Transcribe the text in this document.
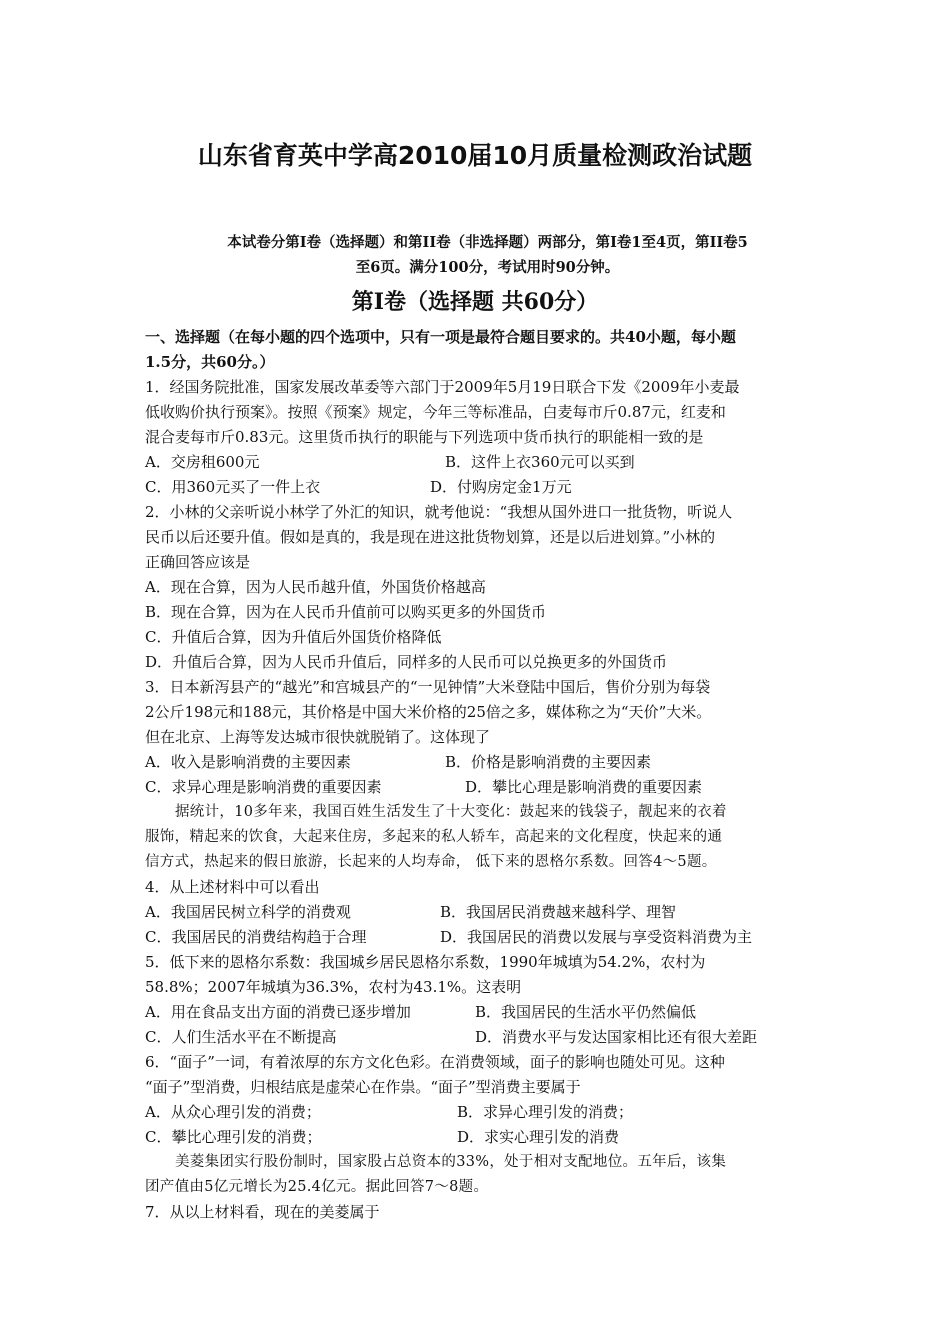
山东省育英中学高2010届10月质量检测政治试题
本试卷分第I卷（选择题）和第II卷（非选择题）两部分，第I卷1至4页，第II卷5
至6页。满分100分，考试用时90分钟。
第I卷（选择题 共60分）
一、选择题（在每小题的四个选项中，只有一项是最符合题目要求的。共40小题，每小题
1.5分，共60分。）
1．经国务院批准，国家发展改革委等六部门于2009年5月19日联合下发《2009年小麦最
低收购价执行预案》。按照《预案》规定，今年三等标准品，白麦每市斤0.87元，红麦和
混合麦每市斤0.83元。这里货币执行的职能与下列选项中货币执行的职能相一致的是
A．交房租600元	B．这件上衣360元可以买到
C．用360元买了一件上衣	D．付购房定金1万元
2．小林的父亲听说小林学了外汇的知识，就考他说：“我想从国外进口一批货物，听说人
民币以后还要升值。假如是真的，我是现在进这批货物划算，还是以后进划算。”小林的
正确回答应该是
A．现在合算，因为人民币越升值，外国货价格越高
B．现在合算，因为在人民币升值前可以购买更多的外国货币
C．升值后合算，因为升值后外国货价格降低
D．升值后合算，因为人民币升值后，同样多的人民币可以兑换更多的外国货币
3．日本新泻县产的“越光”和宫城县产的“一见钟情”大米登陆中国后，售价分别为每袋
2公斤198元和188元，其价格是中国大米价格的25倍之多，媒体称之为“天价”大米。
但在北京、上海等发达城市很快就脱销了。这体现了
A．收入是影响消费的主要因素	B．价格是影响消费的主要因素
C．求异心理是影响消费的重要因素	D．攀比心理是影响消费的重要因素
据统计，10多年来，我国百姓生活发生了十大变化：鼓起来的钱袋子，靓起来的衣着
服饰，精起来的饮食，大起来住房，多起来的私人轿车，高起来的文化程度，快起来的通
信方式，热起来的假日旅游，长起来的人均寿命， 低下来的恩格尔系数。回答4～5题。
4．从上述材料中可以看出
A．我国居民树立科学的消费观	B．我国居民消费越来越科学、理智
C．我国居民的消费结构趋于合理	D．我国居民的消费以发展与享受资料消费为主
5．低下来的恩格尔系数：我国城乡居民恩格尔系数，1990年城填为54.2%，农村为
58.8%；2007年城填为36.3%，农村为43.1%。这表明
A．用在食品支出方面的消费已逐步增加	B．我国居民的生活水平仍然偏低
C．人们生活水平在不断提高	D．消费水平与发达国家相比还有很大差距
6．“面子”一词，有着浓厚的东方文化色彩。在消费领域，面子的影响也随处可见。这种
“面子”型消费，归根结底是虚荣心在作祟。“面子”型消费主要属于
A．从众心理引发的消费；	B．求异心理引发的消费；
C．攀比心理引发的消费；	D．求实心理引发的消费
美菱集团实行股份制时，国家股占总资本的33%，处于相对支配地位。五年后，该集
团产值由5亿元增长为25.4亿元。据此回答7～8题。
7．从以上材料看，现在的美菱属于
